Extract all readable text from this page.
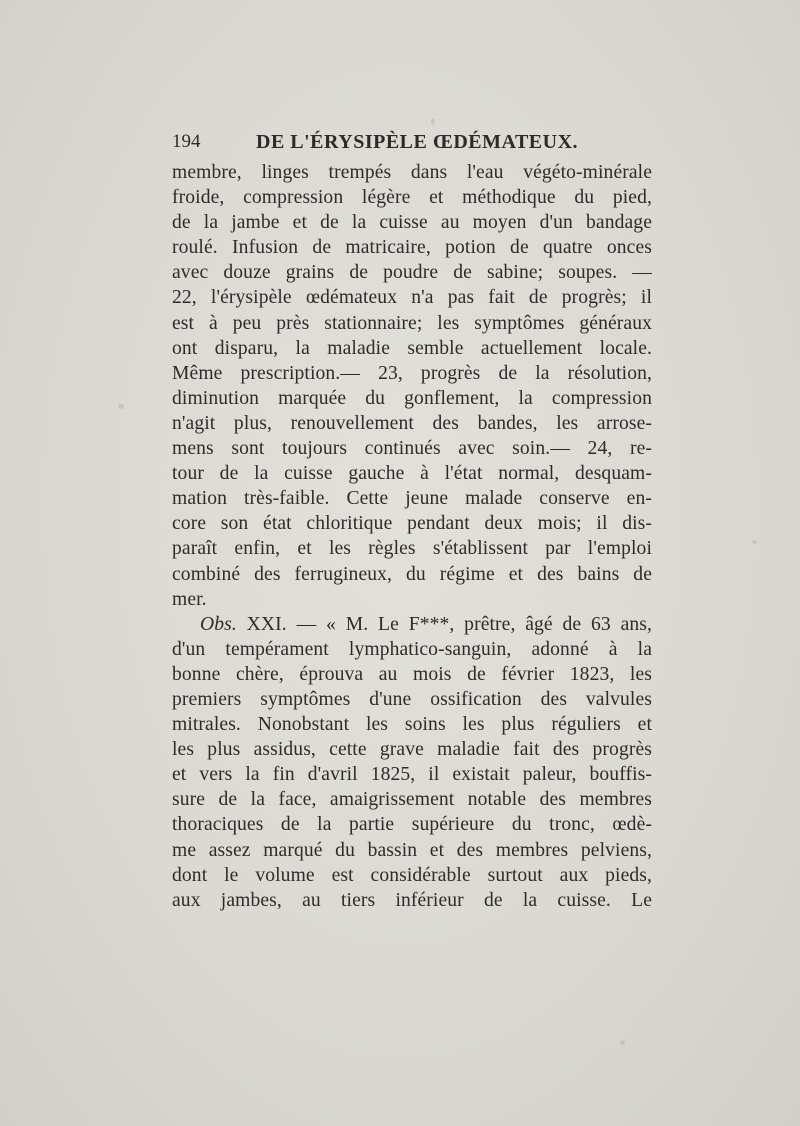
194	DE L'ÉRYSIPÈLE ŒDÉMATEUX.
membre, linges trempés dans l'eau végéto-minérale
froide, compression légère et méthodique du pied,
de la jambe et de la cuisse au moyen d'un bandage
roulé. Infusion de matricaire, potion de quatre onces
avec douze grains de poudre de sabine; soupes. —
22, l'érysipèle œdémateux n'a pas fait de progrès; il
est à peu près stationnaire; les symptômes généraux
ont disparu, la maladie semble actuellement locale.
Même prescription.— 23, progrès de la résolution,
diminution marquée du gonflement, la compression
n'agit plus, renouvellement des bandes, les arrose-
mens sont toujours continués avec soin.— 24, re-
tour de la cuisse gauche à l'état normal, desquam-
mation très-faible. Cette jeune malade conserve en-
core son état chloritique pendant deux mois; il dis-
paraît enfin, et les règles s'établissent par l'emploi
combiné des ferrugineux, du régime et des bains de
mer.
Obs. XXI. — « M. Le F***, prêtre, âgé de 63 ans,
d'un tempérament lymphatico-sanguin, adonné à la
bonne chère, éprouva au mois de février 1823, les
premiers symptômes d'une ossification des valvules
mitrales. Nonobstant les soins les plus réguliers et
les plus assidus, cette grave maladie fait des progrès
et vers la fin d'avril 1825, il existait paleur, bouffis-
sure de la face, amaigrissement notable des membres
thoraciques de la partie supérieure du tronc, œdè-
me assez marqué du bassin et des membres pelviens,
dont le volume est considérable surtout aux pieds,
aux jambes, au tiers inférieur de la cuisse. Le
